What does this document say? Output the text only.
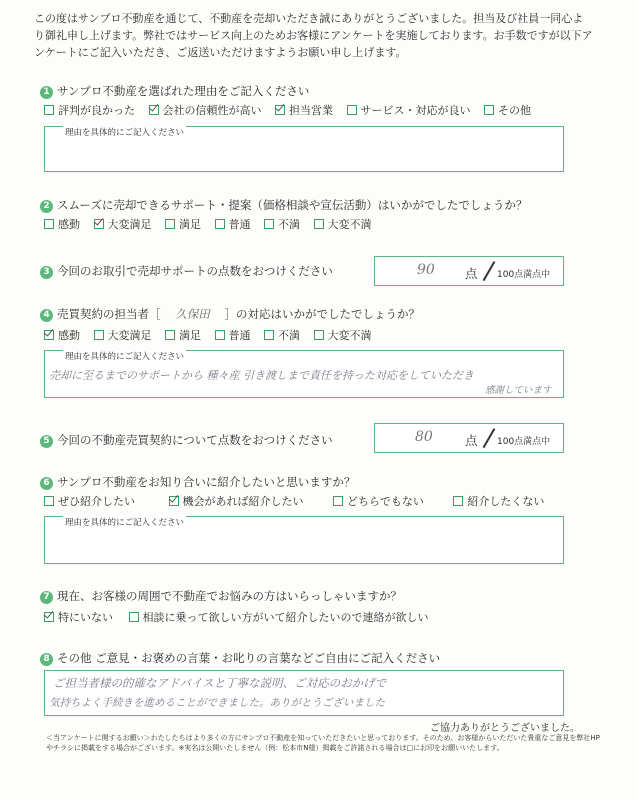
この度はサンプロ不動産を通じて、不動産を売却いただき誠にありがとうございました。担当及び社員一同心より御礼申し上げます。弊社ではサービス向上のためお客様にアンケートを実施しております。お手数ですが以下アンケートにご記入いただき、ご返送いただけますようお願い申し上げます。

1 サンプロ不動産を選ばれた理由をご記入ください
評判が良かった	会社の信頼性が高い	担当営業	サービス・対応が良い	その他
理由を具体的にご記入ください
2 スムーズに売却できるサポート・提案（価格相談や宣伝活動）はいかがでしたでしょうか？
感動	大変満足	満足	普通	不満	大変不満
3 今回のお取引で売却サポートの点数をおつけください	90 点 100点満点中
4 売買契約の担当者［ 久保田 ］の対応はいかがでしたでしょうか？
感動	大変満足	満足	普通	不満	大変不満
理由を具体的にご記入ください
売却に至るまでのサポートから 種々産 引き渡しまで責任を持った対応をしていただき
感謝しています
5 今回の不動産売買契約について点数をおつけください	80	点 100点満点中
6 サンプロ不動産をお知り合いに紹介したいと思いますか？
ぜひ紹介したい	機会があれば紹介したい	どちらでもない	紹介したくない
理由を具体的にご記入ください
7 現在、お客様の周囲で不動産でお悩みの方はいらっしゃいますか？
特にいない	相談に乗って欲しい方がいて紹介したいので連絡が欲しい
8 その他 ご意見・お褒めの言葉・お叱りの言葉などご自由にご記入ください
ご担当者様の的確なアドバイスと丁寧な説明、ご対応のおかげで
気持ちよく手続きを進めることができました。ありがとうございました
ご協力ありがとうございました。

＜当アンケートに関するお願い＞わたしたちはより多くの方にサンプロ不動産を知っていただきたいと思っております。そのため、お客様からいただいた貴重なご意見を弊社HPやチラシに掲載をする場合がございます。※実名は公開いたしません（例：松本市N様）掲載をご許諾される場合は□にお印をお願いいたします。
